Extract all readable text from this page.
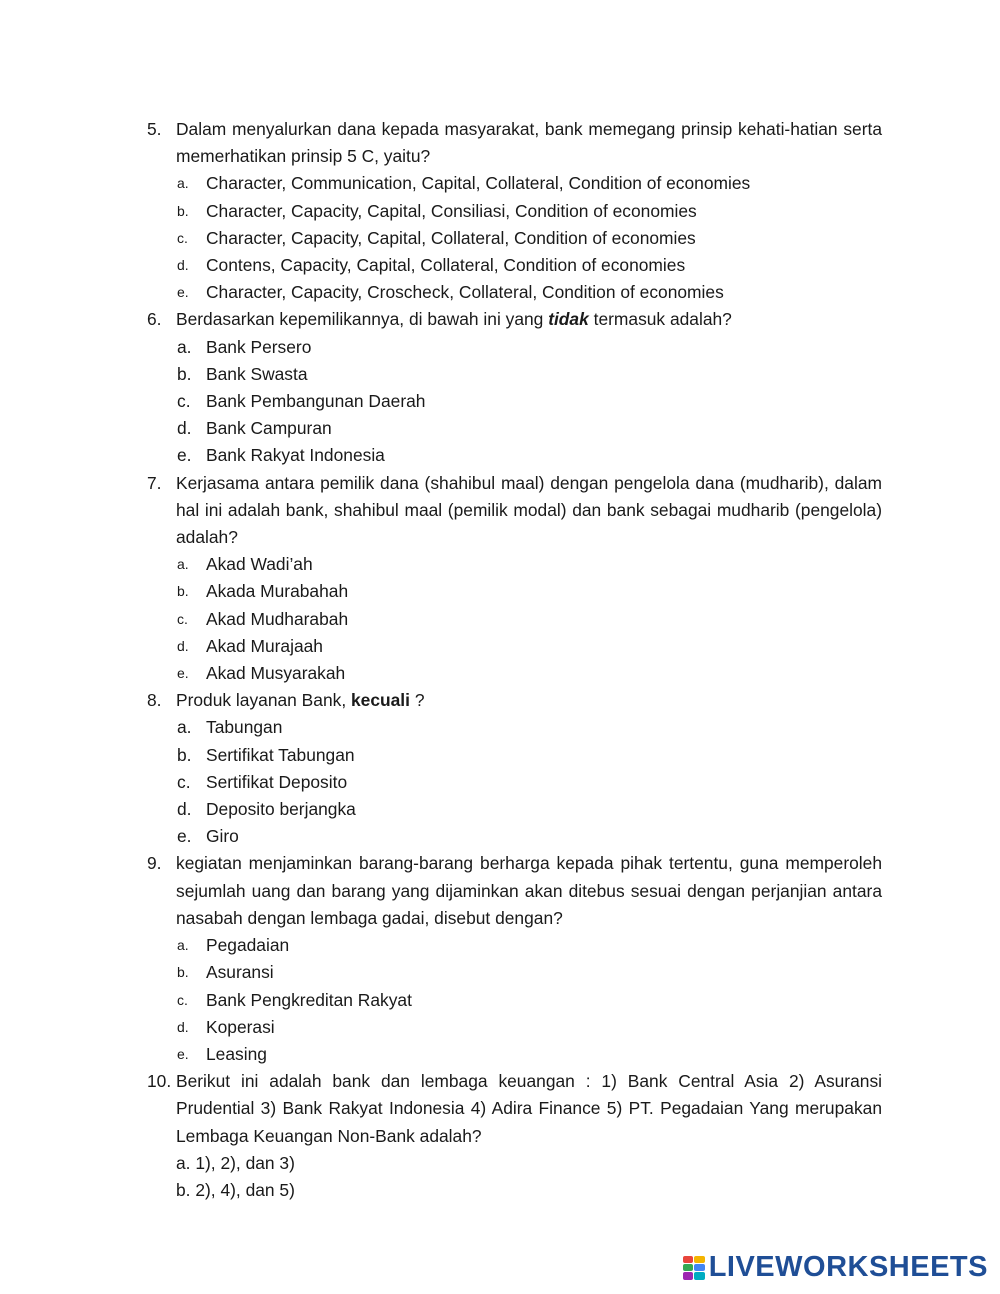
5. Dalam menyalurkan dana kepada masyarakat, bank memegang prinsip kehati-hatian serta memerhatikan prinsip 5 C, yaitu?
a. Character, Communication, Capital, Collateral, Condition of economies
b. Character, Capacity, Capital, Consiliasi, Condition of economies
c. Character, Capacity, Capital, Collateral, Condition of economies
d. Contens, Capacity, Capital, Collateral, Condition of economies
e. Character, Capacity, Croscheck, Collateral, Condition of economies
6. Berdasarkan kepemilikannya, di bawah ini yang tidak termasuk adalah?
a. Bank Persero
b. Bank Swasta
c. Bank Pembangunan Daerah
d. Bank Campuran
e. Bank Rakyat Indonesia
7. Kerjasama antara pemilik dana (shahibul maal) dengan pengelola dana (mudharib), dalam hal ini adalah bank, shahibul maal (pemilik modal) dan bank sebagai mudharib (pengelola) adalah?
a. Akad Wadi’ah
b. Akada Murabahah
c. Akad Mudharabah
d. Akad Murajaah
e. Akad Musyarakah
8. Produk layanan Bank, kecuali ?
a. Tabungan
b. Sertifikat Tabungan
c. Sertifikat Deposito
d. Deposito berjangka
e. Giro
9. kegiatan menjaminkan barang-barang berharga kepada pihak tertentu, guna memperoleh sejumlah uang dan barang yang dijaminkan akan ditebus sesuai dengan perjanjian antara nasabah dengan lembaga gadai, disebut dengan?
a. Pegadaian
b. Asuransi
c. Bank Pengkreditan Rakyat
d. Koperasi
e. Leasing
10. Berikut ini adalah bank dan lembaga keuangan : 1) Bank Central Asia 2) Asuransi Prudential 3) Bank Rakyat Indonesia 4) Adira Finance 5) PT. Pegadaian Yang merupakan Lembaga Keuangan Non-Bank adalah?
a. 1), 2), dan 3)
b. 2), 4), dan 5)
LIVEWORKSHEETS
